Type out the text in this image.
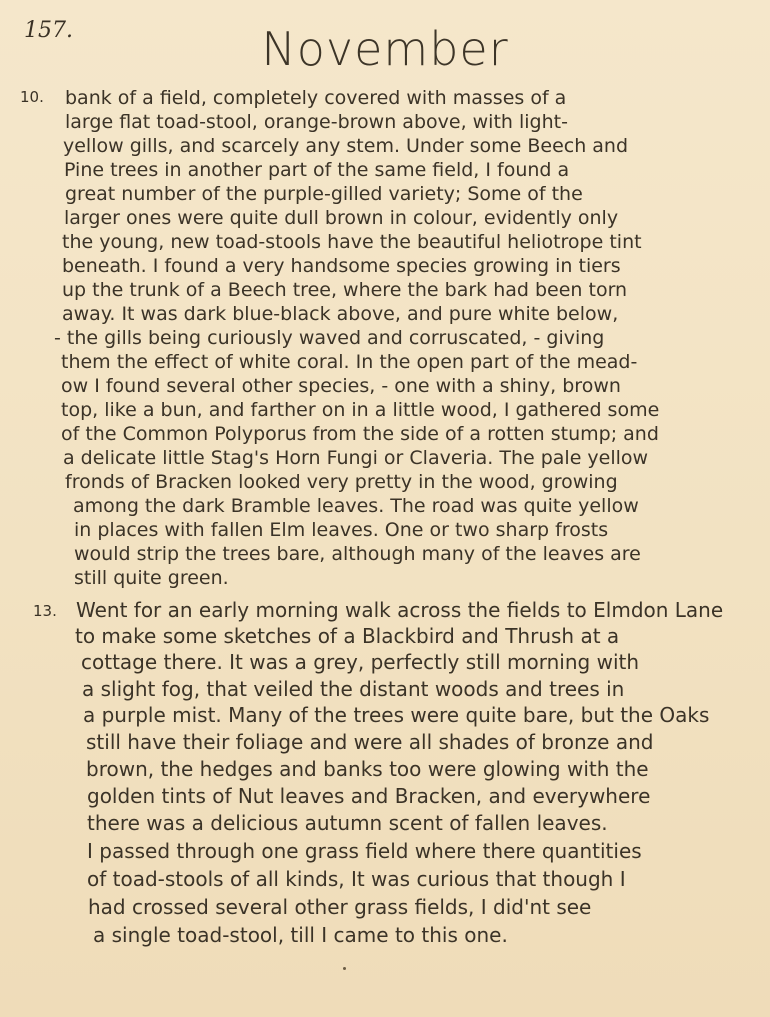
157.	November
10. bank of a field, completely covered with masses of a
large flat toad-stool, orange-brown above, with light-
yellow gills, and scarcely any stem. Under some Beech and
Pine trees in another part of the same field, I found a
great number of the purple-gilled variety; Some of the
larger ones were quite dull brown in colour, evidently only
the young, new toad-stools have the beautiful heliotrope tint
beneath. I found a very handsome species growing in tiers
up the trunk of a Beech tree, where the bark had been torn
away. It was dark blue-black above, and pure white below,
- the gills being curiously waved and corruscated, - giving
them the effect of white coral. In the open part of the mead-
ow I found several other species, - one with a shiny, brown
top, like a bun, and farther on in a little wood, I gathered some
of the Common Polyporus from the side of a rotten stump; and
a delicate little Stag's Horn Fungi or Claveria. The pale yellow
fronds of Bracken looked very pretty in the wood, growing
among the dark Bramble leaves. The road was quite yellow
in places with fallen Elm leaves. One or two sharp frosts
would strip the trees bare, although many of the leaves are
still quite green.
13. Went for an early morning walk across the fields to Elmdon Lane
to make some sketches of a Blackbird and Thrush at a
cottage there. It was a grey, perfectly still morning with
a slight fog, that veiled the distant woods and trees in
a purple mist. Many of the trees were quite bare, but the Oaks
still have their foliage and were all shades of bronze and
brown, the hedges and banks too were glowing with the
golden tints of Nut leaves and Bracken, and everywhere
there was a delicious autumn scent of fallen leaves.
I passed through one grass field where there quantities
of toad-stools of all kinds, It was curious that though I
had crossed several other grass fields, I did'nt see
a single toad-stool, till I came to this one.
